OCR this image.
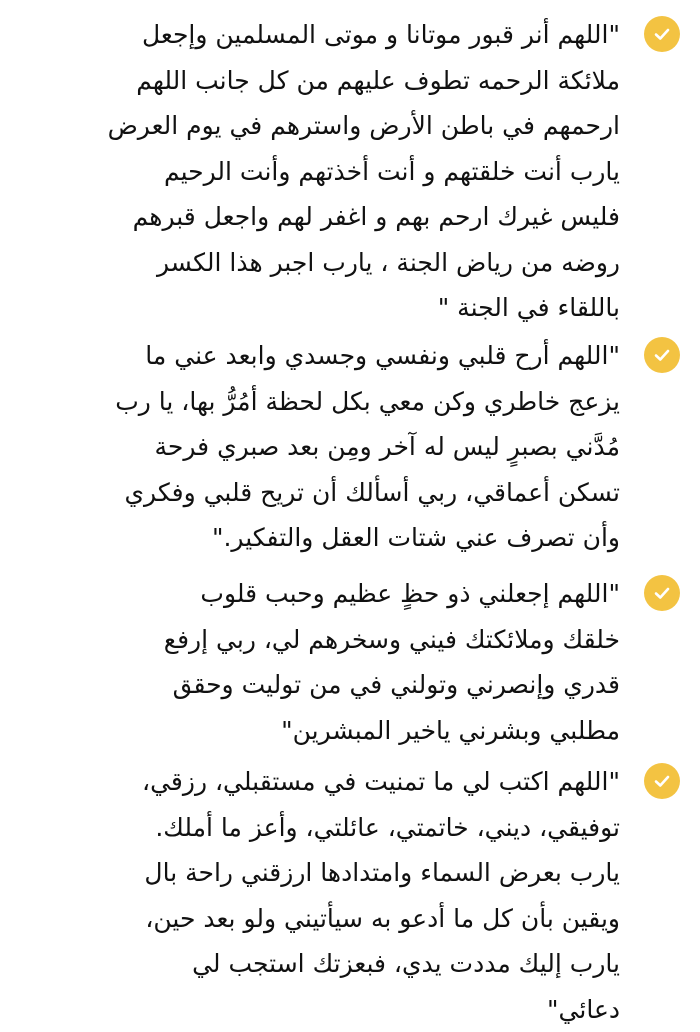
"اللهم أنر قبور موتانا و موتى المسلمين وإجعل
ملائكة الرحمه تطوف عليهم من كل جانب اللهم
ارحمهم في باطن الأرض واسترهم في يوم العرض
يارب أنت خلقتهم و أنت أخذتهم وأنت الرحيم
فليس غيرك ارحم بهم و اغفر لهم واجعل قبرهم
روضه من رياض الجنة ، يارب اجبر هذا الكسر
باللقاء في الجنة "
"اللهم أرح قلبي ونفسي وجسدي وابعد عني ما
يزعج خاطري وكن معي بكل لحظة أمُرُّ بها، يا رب
مُدَّني بصبرٍ ليس له آخر ومِن بعد صبري فرحة
تسكن أعماقي، ربي أسألك أن تريح قلبي وفكري
وأن تصرف عني شتات العقل والتفكير."
"اللهم إجعلني ذو حظٍ عظيم وحبب قلوب
خلقك وملائكتك فيني وسخرهم لي، ربي إرفع
قدري وإنصرني وتولني في من توليت وحقق
مطلبي وبشرني ياخير المبشرين"
"اللهم اكتب لي ما تمنيت في مستقبلي، رزقي،
توفيقي، ديني، خاتمتي، عائلتي، وأعز ما أملك.
يارب بعرض السماء وامتدادها ارزقني راحة بال
ويقين بأن كل ما أدعو به سيأتيني ولو بعد حين،
يارب إليك مددت يدي، فبعزتك استجب لي
دعائي"
